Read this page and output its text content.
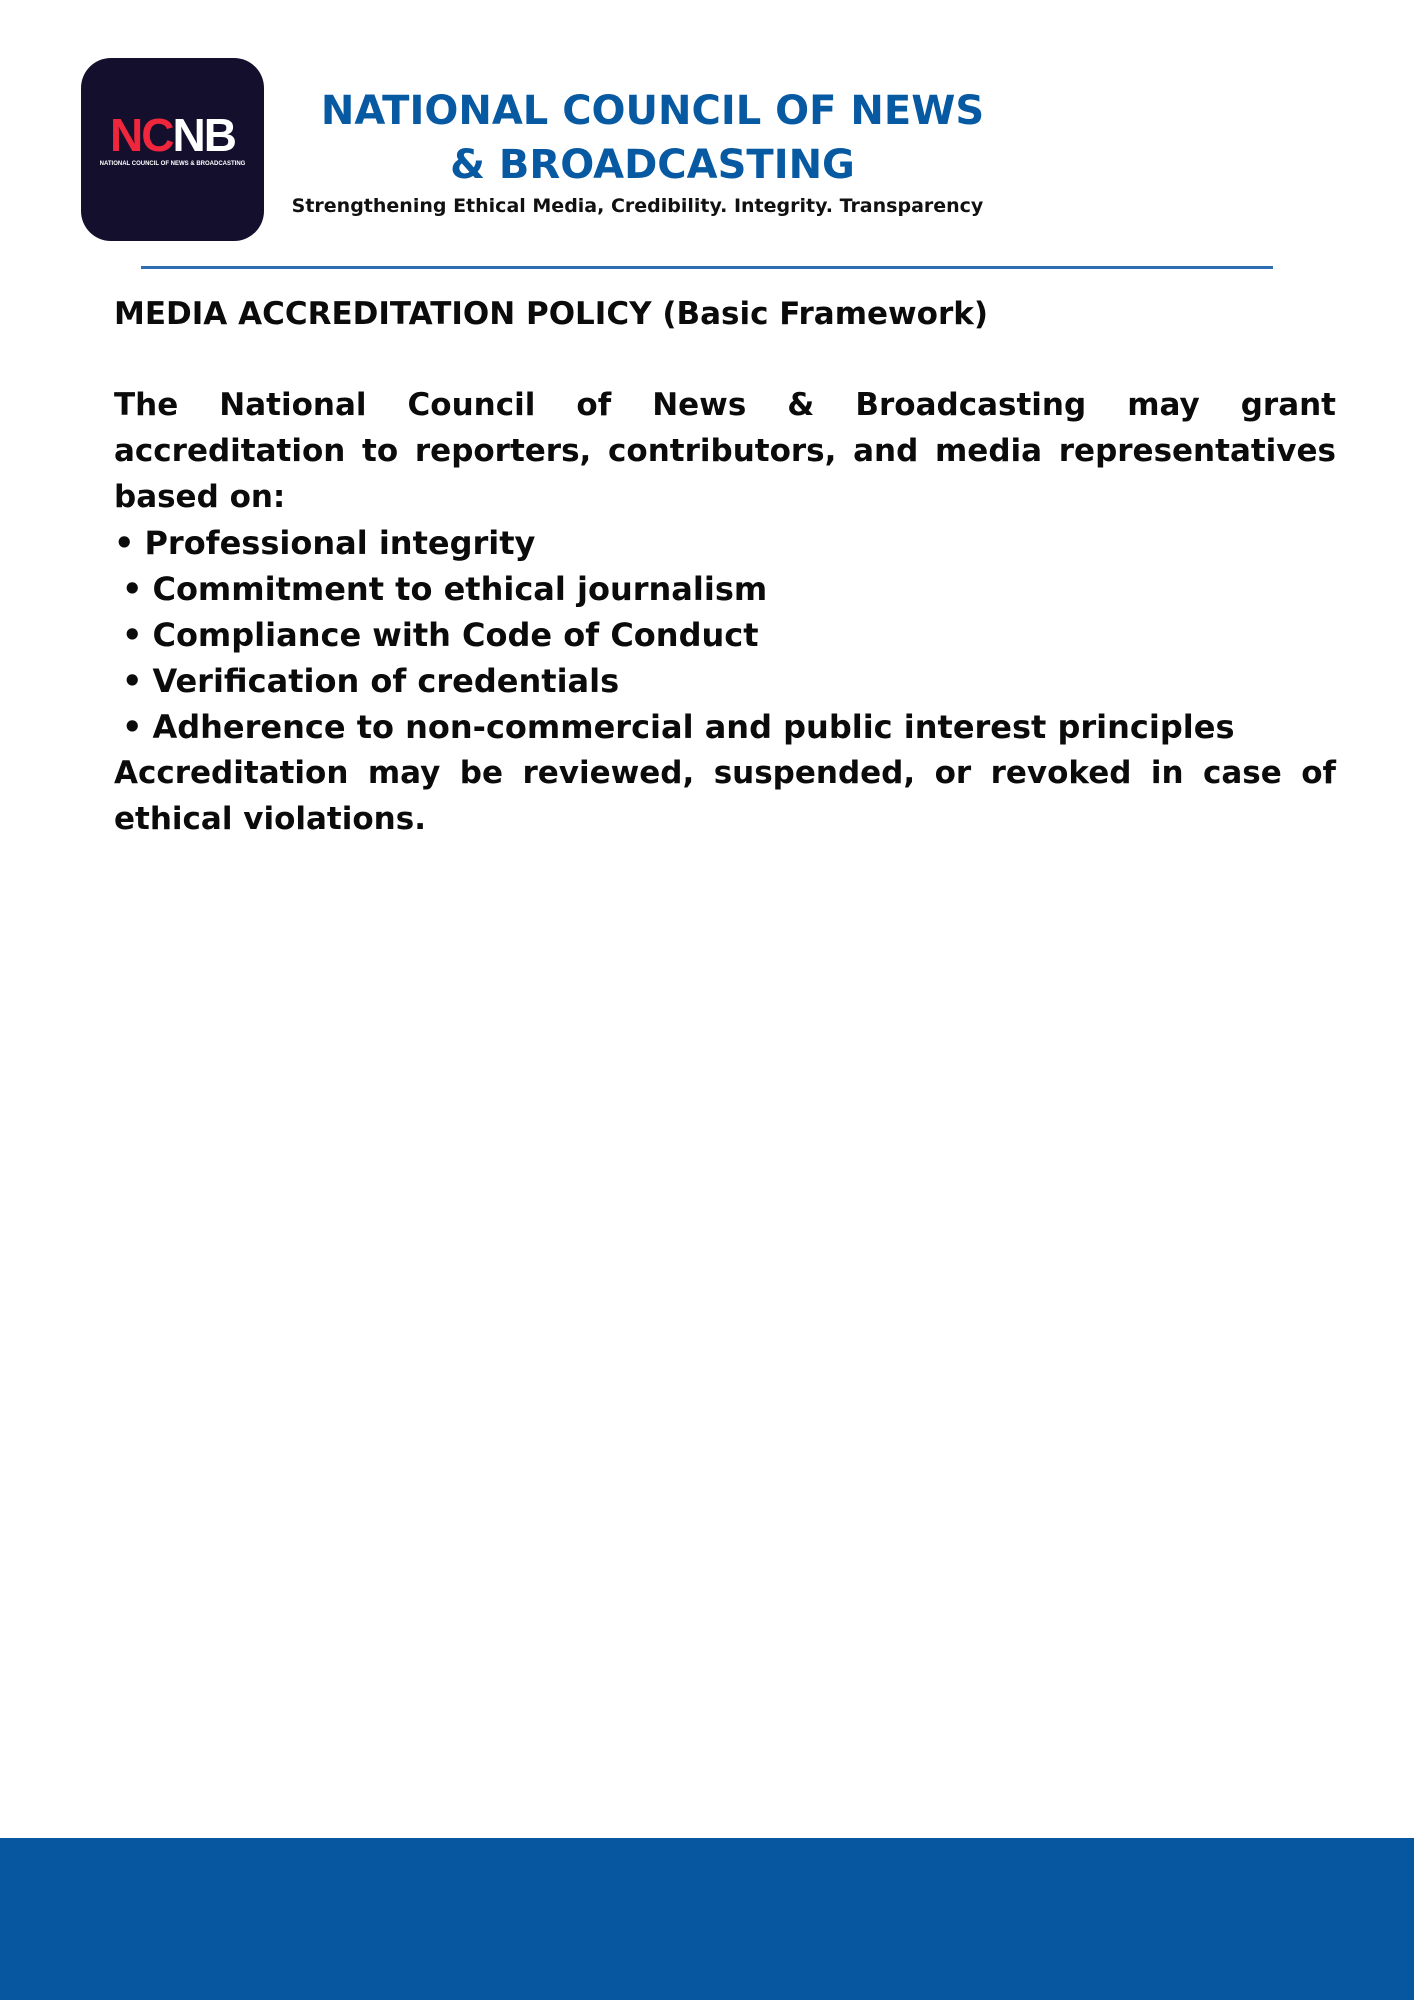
NCNB
NATIONAL COUNCIL OF NEWS & BROADCASTING
NATIONAL COUNCIL OF NEWS
& BROADCASTING

Strengthening Ethical Media, Credibility. Integrity. Transparency

MEDIA ACCREDITATION POLICY (Basic Framework)

The National Council of News & Broadcasting may grant accreditation to reporters, contributors, and media representatives based on:

• Professional integrity
• Commitment to ethical journalism
• Compliance with Code of Conduct
• Verification of credentials
• Adherence to non-commercial and public interest principles

Accreditation may be reviewed, suspended, or revoked in case of ethical violations.
